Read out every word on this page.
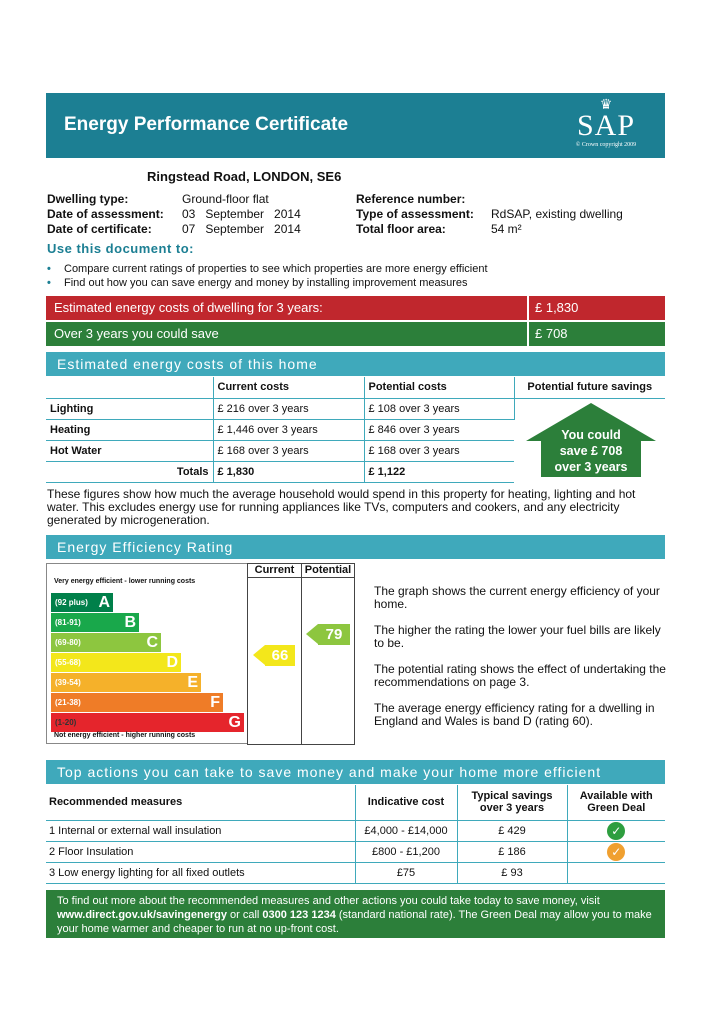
Energy Performance Certificate
♛
SAP
© Crown copyright 2009
Ringstead Road, LONDON, SE6
Dwelling type:	Ground-floor flat
Date of assessment: 03   September   2014
Date of certificate:	07   September   2014
Reference number:
Type of assessment: RdSAP, existing dwelling
Total floor area:	54 m²
Use this document to:
• Compare current ratings of properties to see which properties are more energy efficient
• Find out how you can save energy and money by installing improvement measures
Estimated energy costs of dwelling for 3 years:	£ 1,830
Over 3 years you could save	£ 708
Estimated energy costs of this home
	Current costs	Potential costs	Potential future savings
Lighting	£ 216 over 3 years	£ 108 over 3 years	You could
save £ 708
over 3 years

Heating	£ 1,446 over 3 years	£ 846 over 3 years	
Hot Water	£ 168 over 3 years	£ 168 over 3 years	
Totals	£ 1,830	£ 1,122	
These figures show how much the average household would spend in this property for heating, lighting and hot water. This excludes energy use for running appliances like TVs, computers and cookers, and any electricity generated by microgeneration.
Energy Efficiency Rating
Very energy efficient - lower running costs
(92 plus) A
(81-91)	B
(69-80)	C
(55-68)	D
(39-54)	E
(21-38)	F
(1-20)	G
Not energy efficient - higher running costs
Current Potential
66
79

The graph shows the current energy efficiency of your home.

The higher the rating the lower your fuel bills are likely to be.

The potential rating shows the effect of undertaking the recommendations on page 3.

The average energy efficiency rating for a dwelling in England and Wales is band D (rating 60).

Top actions you can take to save money and make your home more efficient
Recommended measures	Indicative cost	Typical savings over 3 years	Available with Green Deal
1 Internal or external wall insulation	£4,000 - £14,000	£ 429	✓
2 Floor Insulation	£800 - £1,200	£ 186	✓
3 Low energy lighting for all fixed outlets	£75	£ 93	
To find out more about the recommended measures and other actions you could take today to save money, visit www.direct.gov.uk/savingenergy or call 0300 123 1234 (standard national rate). The Green Deal may allow you to make your home warmer and cheaper to run at no up-front cost.
